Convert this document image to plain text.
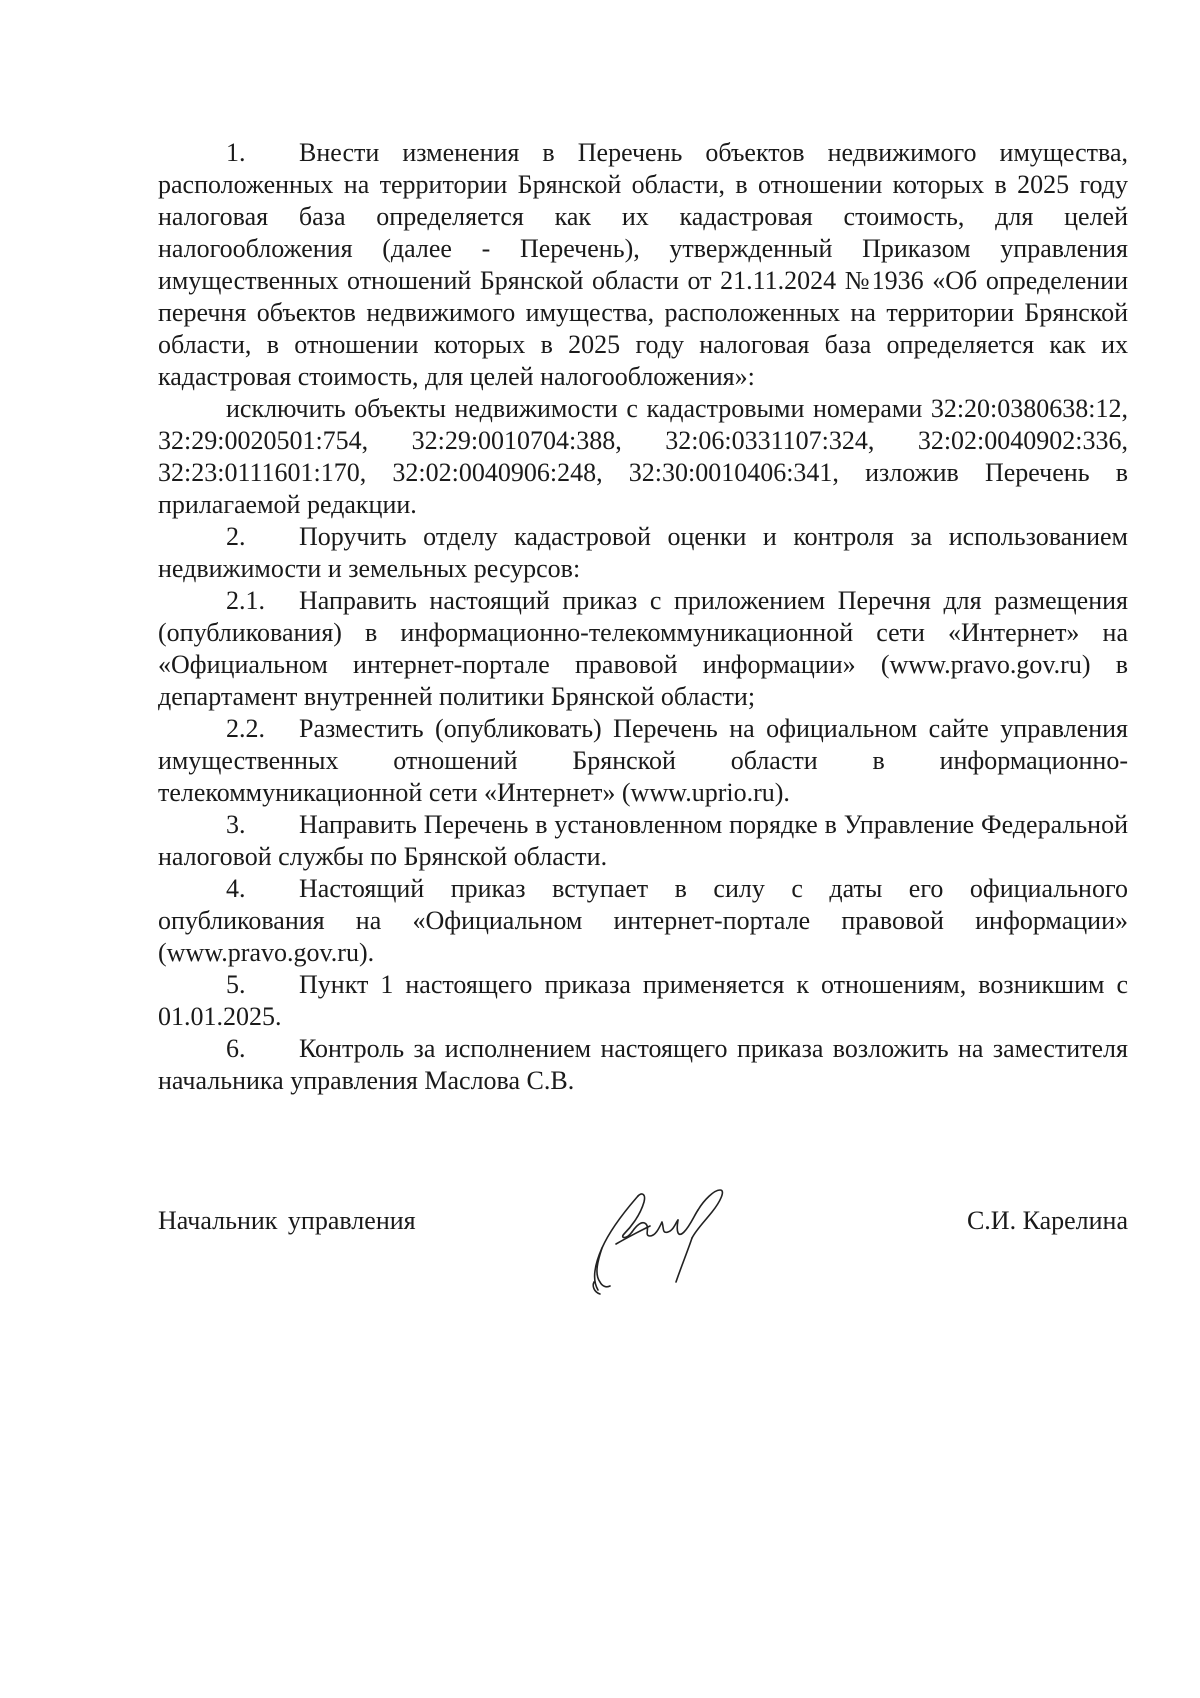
1. Внести изменения в Перечень объектов недвижимого имущества, расположенных на территории Брянской области, в отношении которых в 2025 году налоговая база определяется как их кадастровая стоимость, для целей налогообложения (далее - Перечень), утвержденный Приказом управления имущественных отношений Брянской области от 21.11.2024 №1936 «Об определении перечня объектов недвижимого имущества, расположенных на территории Брянской области, в отношении которых в 2025 году налоговая база определяется как их кадастровая стоимость, для целей налогообложения»:

исключить объекты недвижимости с кадастровыми номерами 32:20:0380638:12, 32:29:0020501:754, 32:29:0010704:388, 32:06:0331107:324, 32:02:0040902:336, 32:23:0111601:170, 32:02:0040906:248, 32:30:0010406:341, изложив Перечень в прилагаемой редакции.

2. Поручить отделу кадастровой оценки и контроля за использованием недвижимости и земельных ресурсов:

2.1. Направить настоящий приказ с приложением Перечня для размещения (опубликования) в информационно-телекоммуникационной сети «Интернет» на «Официальном интернет-портале правовой информации» (www.pravo.gov.ru) в департамент внутренней политики Брянской области;

2.2. Разместить (опубликовать) Перечень на официальном сайте управления имущественных отношений Брянской области в информационно-телекоммуникационной сети «Интернет» (www.uprio.ru).

3. Направить Перечень в установленном порядке в Управление Федеральной налоговой службы по Брянской области.

4. Настоящий приказ вступает в силу с даты его официального опубликования на «Официальном интернет-портале правовой информации» (www.pravo.gov.ru).

5. Пункт 1 настоящего приказа применяется к отношениям, возникшим с 01.01.2025.

6. Контроль за исполнением настоящего приказа возложить на заместителя начальника управления Маслова С.В.

Начальник управления	С.И. Карелина
